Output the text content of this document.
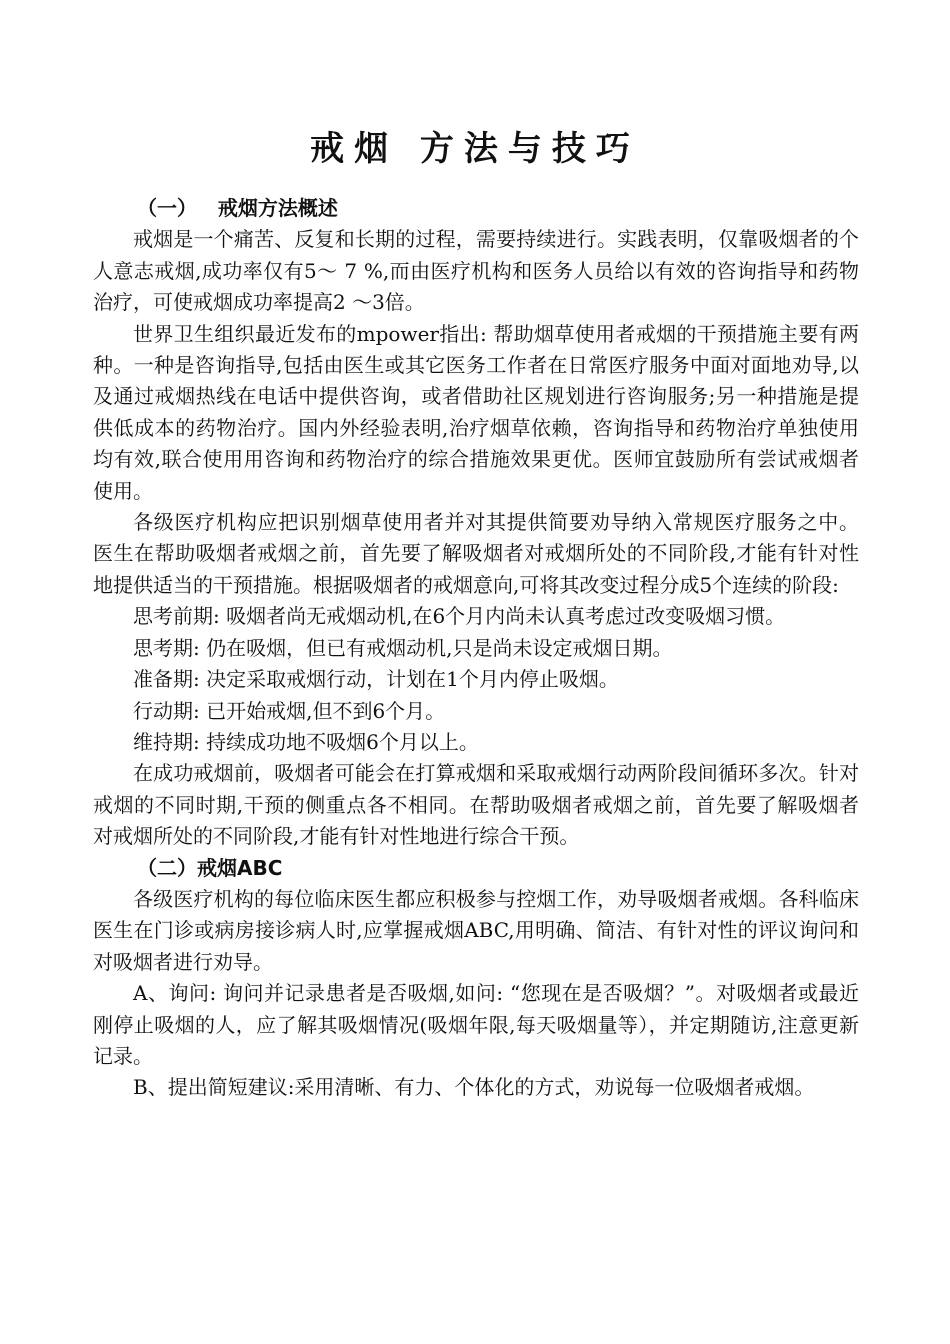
戒烟 方法与技巧

（一）   戒烟方法概述

戒烟是一个痛苦、反复和长期的过程，需要持续进行。实践表明，仅靠吸烟者的个人意志戒烟,成功率仅有5～ 7 %,而由医疗机构和医务人员给以有效的咨询指导和药物治疗，可使戒烟成功率提高2 ～3倍。

世界卫生组织最近发布的mpower指出: 帮助烟草使用者戒烟的干预措施主要有两种。一种是咨询指导,包括由医生或其它医务工作者在日常医疗服务中面对面地劝导,以及通过戒烟热线在电话中提供咨询，或者借助社区规划进行咨询服务;另一种措施是提供低成本的药物治疗。国内外经验表明,治疗烟草依赖，咨询指导和药物治疗单独使用均有效,联合使用用咨询和药物治疗的综合措施效果更优。医师宜鼓励所有尝试戒烟者使用。

各级医疗机构应把识别烟草使用者并对其提供简要劝导纳入常规医疗服务之中。 医生在帮助吸烟者戒烟之前，首先要了解吸烟者对戒烟所处的不同阶段,才能有针对性地提供适当的干预措施。根据吸烟者的戒烟意向,可将其改变过程分成5个连续的阶段:

思考前期: 吸烟者尚无戒烟动机,在6个月内尚未认真考虑过改变吸烟习惯。

思考期: 仍在吸烟，但已有戒烟动机,只是尚未设定戒烟日期。

准备期: 决定采取戒烟行动，计划在1个月内停止吸烟。

行动期: 已开始戒烟,但不到6个月。

维持期: 持续成功地不吸烟6个月以上。

在成功戒烟前，吸烟者可能会在打算戒烟和采取戒烟行动两阶段间循环多次。针对戒烟的不同时期,干预的侧重点各不相同。在帮助吸烟者戒烟之前，首先要了解吸烟者对戒烟所处的不同阶段,才能有针对性地进行综合干预。

（二）戒烟ABC

各级医疗机构的每位临床医生都应积极参与控烟工作，劝导吸烟者戒烟。各科临床医生在门诊或病房接诊病人时,应掌握戒烟ABC,用明确、简洁、有针对性的评议询问和对吸烟者进行劝导。

A、询问: 询问并记录患者是否吸烟,如问: “您现在是否吸烟？”。对吸烟者或最近刚停止吸烟的人，应了解其吸烟情况(吸烟年限,每天吸烟量等），并定期随访,注意更新记录。

B、提出简短建议:采用清晰、有力、个体化的方式，劝说每一位吸烟者戒烟。
